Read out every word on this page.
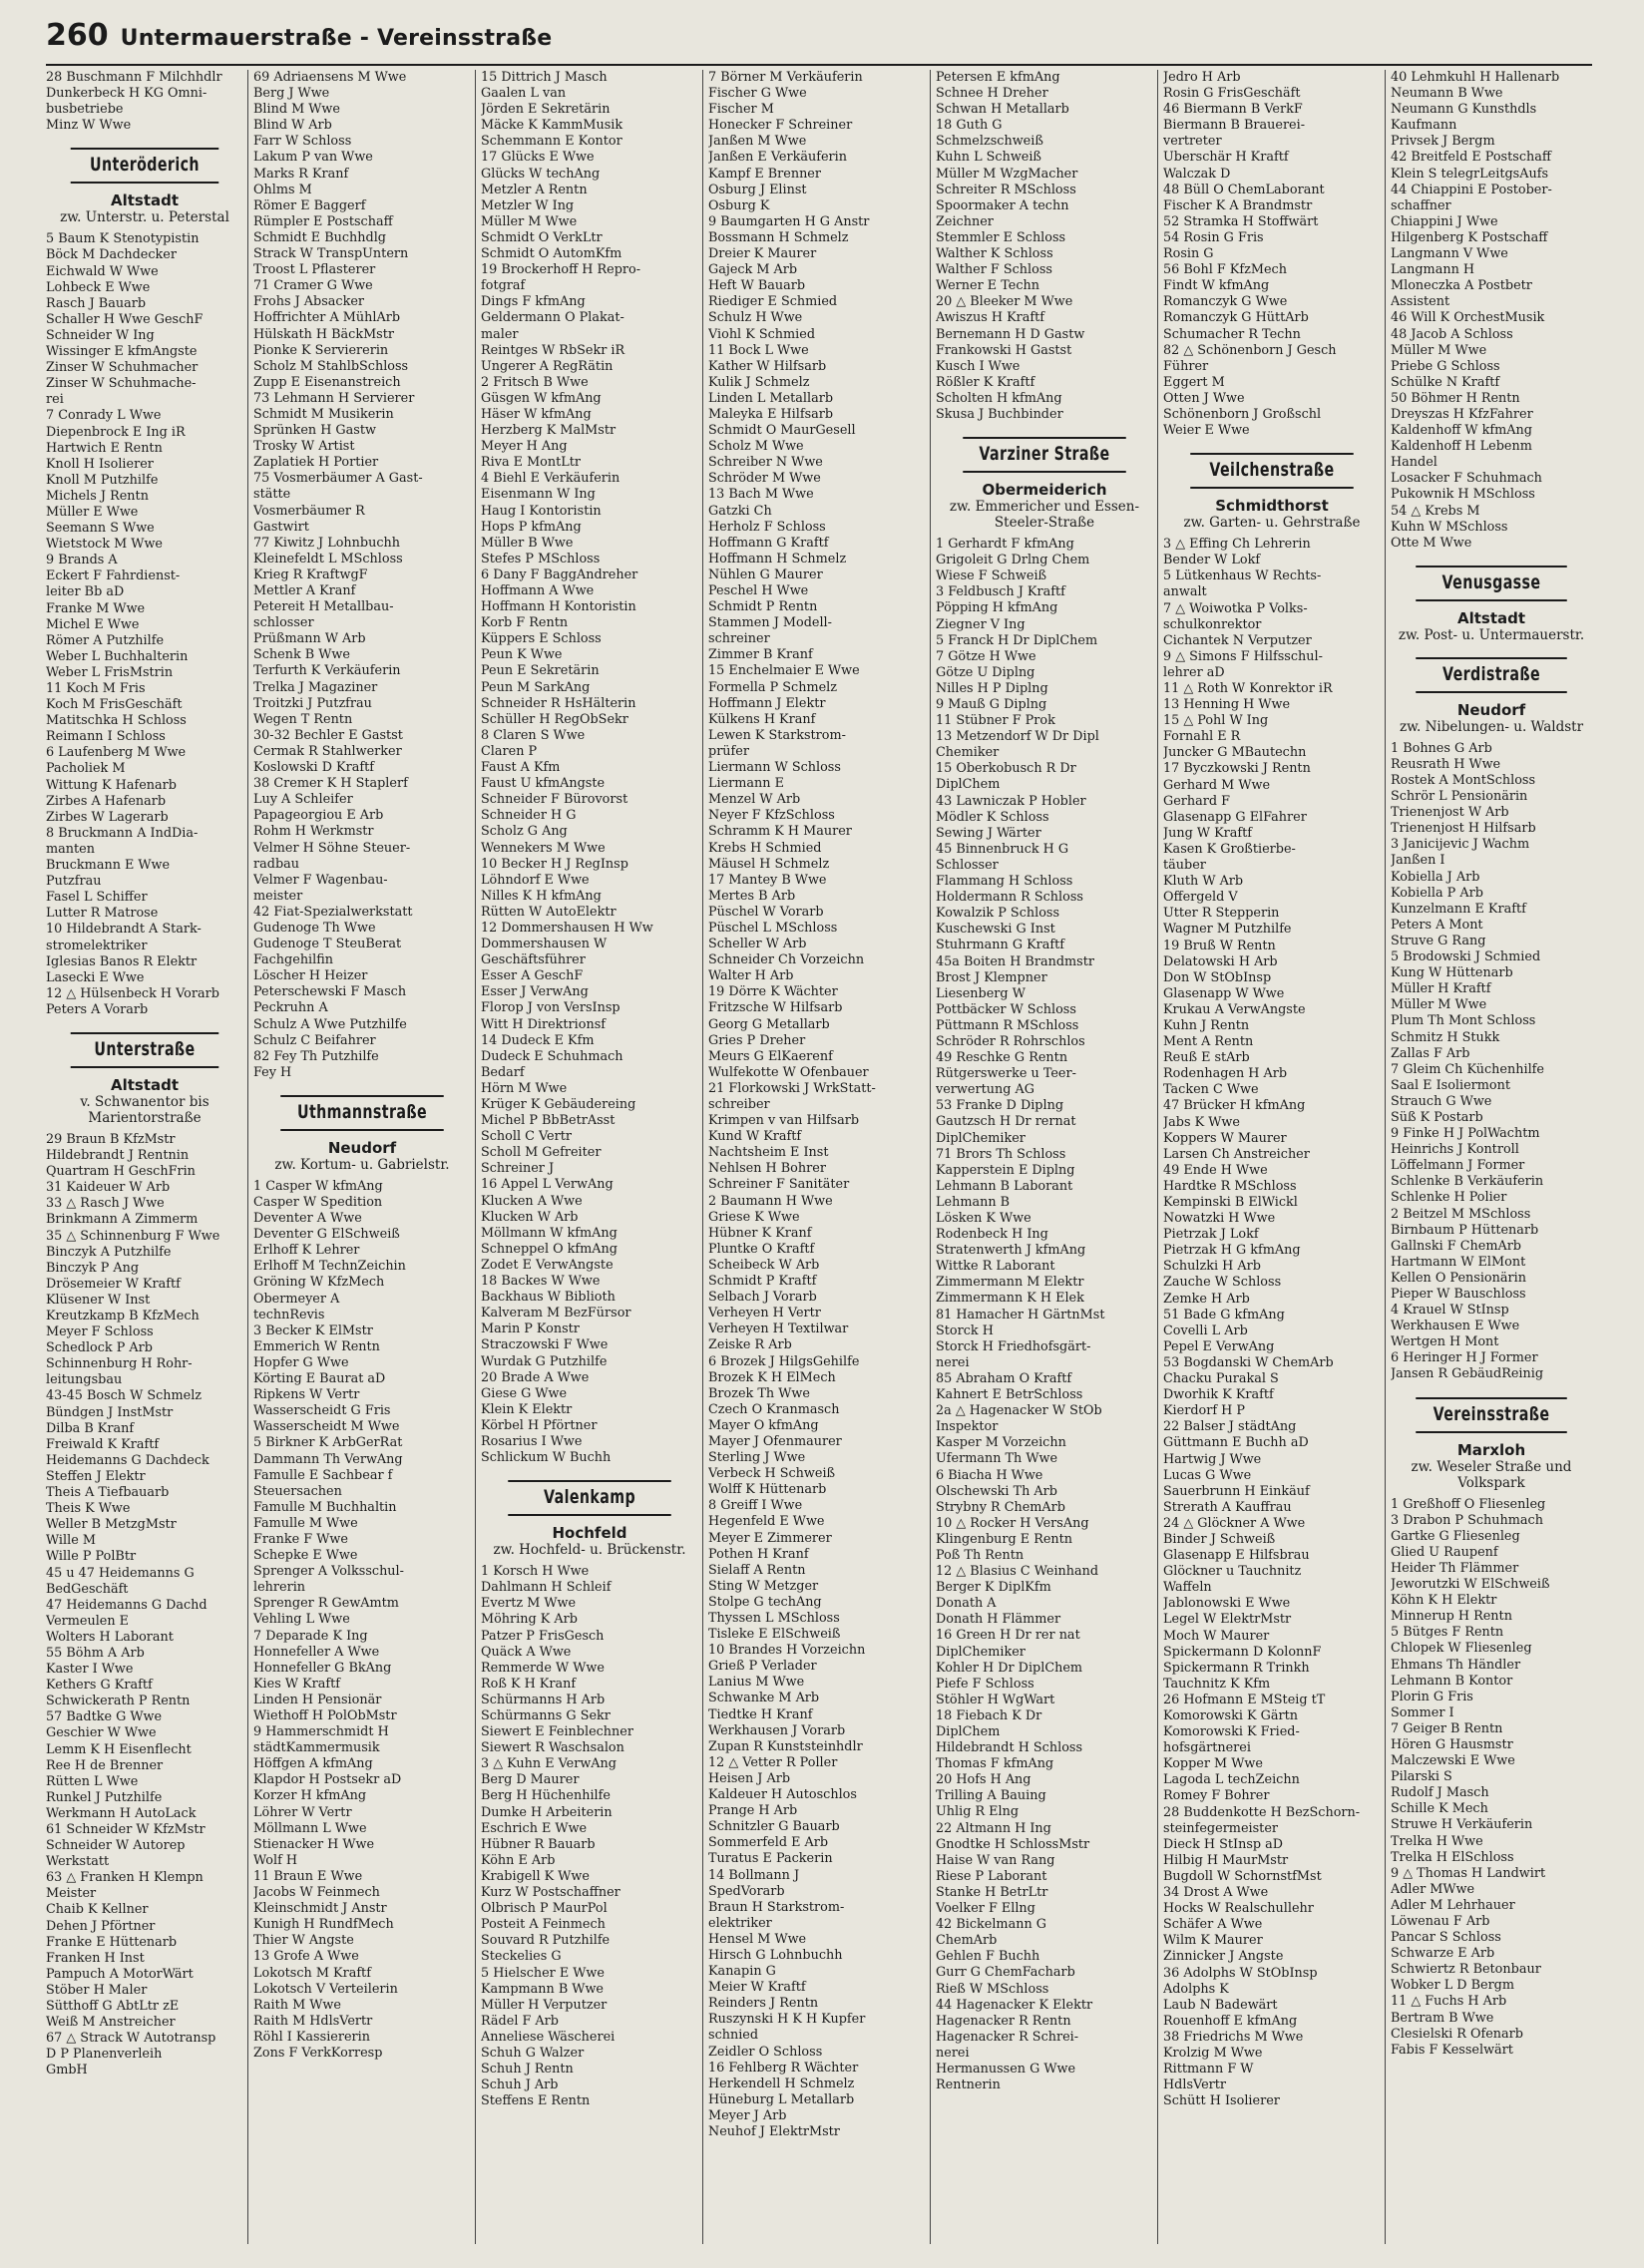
260 Untermauerstraße - Vereinsstraße
28 Buschmann F Milchhdlr
Dunkerbeck H KG Omni-
busbetriebe
Minz W Wwe
Unteröderich
Altstadt
zw. Unterstr. u. Peterstal
5 Baum K Stenotypistin
Böck M Dachdecker
Eichwald W Wwe
Lohbeck E Wwe
Rasch J Bauarb
Schaller H Wwe GeschF
Schneider W Ing
Wissinger E kfmAngste
Zinser W Schuhmacher
Zinser W Schuhmache-
rei
7 Conrady L Wwe
Diepenbrock E Ing iR
Hartwich E Rentn
Knoll H Isolierer
Knoll M Putzhilfe
Michels J Rentn
Müller E Wwe
Seemann S Wwe
Wietstock M Wwe
9 Brands A
Eckert F Fahrdienst-
leiter Bb aD
Franke M Wwe
Michel E Wwe
Römer A Putzhilfe
Weber L Buchhalterin
Weber L FrisMstrin
11 Koch M Fris
Koch M FrisGeschäft
Matitschka H Schloss
Reimann I Schloss
6 Laufenberg M Wwe
Pacholiek M
Wittung K Hafenarb
Zirbes A Hafenarb
Zirbes W Lagerarb
8 Bruckmann A IndDia-
manten
Bruckmann E Wwe
Putzfrau
Fasel L Schiffer
Lutter R Matrose
10 Hildebrandt A Stark-
stromelektriker
Iglesias Banos R Elektr
Lasecki E Wwe
12 △ Hülsenbeck H Vorarb
Peters A Vorarb
Unterstraße
Altstadt
v. Schwanentor bis Marientorstraße
29 Braun B KfzMstr
Hildebrandt J Rentnin
Quartram H GeschFrin
31 Kaideuer W Arb
33 △ Rasch J Wwe
Brinkmann A Zimmerm
35 △ Schinnenburg F Wwe
Binczyk A Putzhilfe
Binczyk P Ang
Drösemeier W Kraftf
Klüsener W Inst
Kreutzkamp B KfzMech
Meyer F Schloss
Schedlock P Arb
Schinnenburg H Rohr-
leitungsbau
43-45 Bosch W Schmelz
Bündgen J InstMstr
Dilba B Kranf
Freiwald K Kraftf
Heidemanns G Dachdeck
Steffen J Elektr
Theis A Tiefbauarb
Theis K Wwe
Weller B MetzgMstr
Wille M
Wille P PolBtr
45 u 47 Heidemanns G
BedGeschäft
47 Heidemanns G Dachd
Vermeulen E
Wolters H Laborant
55 Böhm A Arb
Kaster I Wwe
Kethers G Kraftf
Schwickerath P Rentn
57 Badtke G Wwe
Geschier W Wwe
Lemm K H Eisenflecht
Ree H de Brenner
Rütten L Wwe
Runkel J Putzhilfe
Werkmann H AutoLack
61 Schneider W KfzMstr
Schneider W Autorep
Werkstatt
63 △ Franken H Klempn
Meister
Chaib K Kellner
Dehen J Pförtner
Franke E Hüttenarb
Franken H Inst
Pampuch A MotorWärt
Stöber H Maler
Sütthoff G AbtLtr zE
Weiß M Anstreicher
67 △ Strack W Autotransp
D P Planenverleih
GmbH
69 Adriaensens M Wwe
Berg J Wwe
Blind M Wwe
Blind W Arb
Farr W Schloss
Lakum P van Wwe
Marks R Kranf
Ohlms M
Römer E Baggerf
Rümpler E Postschaff
Schmidt E Buchhdlg
Strack W TranspUntern
Troost L Pflasterer
71 Cramer G Wwe
Frohs J Absacker
Hoffrichter A MühlArb
Hülskath H BäckMstr
Pionke K Serviererin
Scholz M StahlbSchloss
Zupp E Eisenanstreich
73 Lehmann H Servierer
Schmidt M Musikerin
Sprünken H Gastw
Trosky W Artist
Zaplatiek H Portier
75 Vosmerbäumer A Gast-
stätte
Vosmerbäumer R
Gastwirt
77 Kiwitz J Lohnbuchh
Kleinefeldt L MSchloss
Krieg R KraftwgF
Mettler A Kranf
Petereit H Metallbau-
schlosser
Prüßmann W Arb
Schenk B Wwe
Terfurth K Verkäuferin
Trelka J Magaziner
Troitzki J Putzfrau
Wegen T Rentn
30-32 Bechler E Gastst
Cermak R Stahlwerker
Koslowski D Kraftf
38 Cremer K H Staplerf
Luy A Schleifer
Papageorgiou E Arb
Rohm H Werkmstr
Velmer H Söhne Steuer-
radbau
Velmer F Wagenbau-
meister
42 Fiat-Spezialwerkstatt
Gudenoge Th Wwe
Gudenoge T SteuBerat
Fachgehilfin
Löscher H Heizer
Peterschewski F Masch
Peckruhn A
Schulz A Wwe Putzhilfe
Schulz C Beifahrer
82 Fey Th Putzhilfe
Fey H
Uthmannstraße
Neudorf
zw. Kortum- u. Gabrielstr.
1 Casper W kfmAng
Casper W Spedition
Deventer A Wwe
Deventer G ElSchweiß
Erlhoff K Lehrer
Erlhoff M TechnZeichin
Gröning W KfzMech
Obermeyer A
technRevis
3 Becker K ElMstr
Emmerich W Rentn
Hopfer G Wwe
Körting E Baurat aD
Ripkens W Vertr
Wasserscheidt G Fris
Wasserscheidt M Wwe
5 Birkner K ArbGerRat
Dammann Th VerwAng
Famulle E Sachbear f
Steuersachen
Famulle M Buchhaltin
Famulle M Wwe
Franke F Wwe
Schepke E Wwe
Sprenger A Volksschul-
lehrerin
Sprenger R GewAmtm
Vehling L Wwe
7 Deparade K Ing
Honnefeller A Wwe
Honnefeller G BkAng
Kies W Kraftf
Linden H Pensionär
Wiethoff H PolObMstr
9 Hammerschmidt H
städtKammermusik
Höffgen A kfmAng
Klapdor H Postsekr aD
Korzer H kfmAng
Löhrer W Vertr
Möllmann L Wwe
Stienacker H Wwe
Wolf H
11 Braun E Wwe
Jacobs W Feinmech
Kleinschmidt J Anstr
Kunigh H RundfMech
Thier W Angste
13 Grofe A Wwe
Lokotsch M Kraftf
Lokotsch V Verteilerin
Raith M Wwe
Raith M HdlsVertr
Röhl I Kassiererin
Zons F VerkKorresp
15 Dittrich J Masch
Gaalen L van
Jörden E Sekretärin
Mäcke K KammMusik
Schemmann E Kontor
17 Glücks E Wwe
Glücks W techAng
Metzler A Rentn
Metzler W Ing
Müller M Wwe
Schmidt O VerkLtr
Schmidt O AutomKfm
19 Brockerhoff H Repro-
fotgraf
Dings F kfmAng
Geldermann O Plakat-
maler
Reintges W RbSekr iR
Ungerer A RegRätin
2 Fritsch B Wwe
Güsgen W kfmAng
Häser W kfmAng
Herzberg K MalMstr
Meyer H Ang
Riva E MontLtr
4 Biehl E Verkäuferin
Eisenmann W Ing
Haug I Kontoristin
Hops P kfmAng
Müller B Wwe
Stefes P MSchloss
6 Dany F BaggAndreher
Hoffmann A Wwe
Hoffmann H Kontoristin
Korb F Rentn
Küppers E Schloss
Peun K Wwe
Peun E Sekretärin
Peun M SarkAng
Schneider R HsHälterin
Schüller H RegObSekr
8 Claren S Wwe
Claren P
Faust A Kfm
Faust U kfmAngste
Schneider F Bürovorst
Schneider H G
Scholz G Ang
Wennekers M Wwe
10 Becker H J RegInsp
Löhndorf E Wwe
Nilles K H kfmAng
Rütten W AutoElektr
12 Dommershausen H Ww
Dommershausen W
Geschäftsführer
Esser A GeschF
Esser J VerwAng
Florop J von VersInsp
Witt H Direktrionsf
14 Dudeck E Kfm
Dudeck E Schuhmach
Bedarf
Hörn M Wwe
Krüger K Gebäudereing
Michel P BbBetrAsst
Scholl C Vertr
Scholl M Gefreiter
Schreiner J
16 Appel L VerwAng
Klucken A Wwe
Klucken W Arb
Möllmann W kfmAng
Schneppel O kfmAng
Zodet E VerwAngste
18 Backes W Wwe
Backhaus W Biblioth
Kalveram M BezFürsor
Marin P Konstr
Straczowski F Wwe
Wurdak G Putzhilfe
20 Brade A Wwe
Giese G Wwe
Klein K Elektr
Körbel H Pförtner
Rosarius I Wwe
Schlickum W Buchh
Valenkamp
Hochfeld
zw. Hochfeld- u. Brückenstr.
1 Korsch H Wwe
Dahlmann H Schleif
Evertz M Wwe
Möhring K Arb
Patzer P FrisGesch
Quäck A Wwe
Remmerde W Wwe
Roß K H Kranf
Schürmanns H Arb
Schürmanns G Sekr
Siewert E Feinblechner
Siewert R Waschsalon
3 △ Kuhn E VerwAng
Berg D Maurer
Berg H Hüchenhilfe
Dumke H Arbeiterin
Eschrich E Wwe
Hübner R Bauarb
Köhn E Arb
Krabigell K Wwe
Kurz W Postschaffner
Olbrisch P MaurPol
Posteit A Feinmech
Souvard R Putzhilfe
Steckelies G
5 Hielscher E Wwe
Kampmann B Wwe
Müller H Verputzer
Rädel F Arb
Anneliese Wäscherei
Schuh G Walzer
Schuh J Rentn
Schuh J Arb
Steffens E Rentn
7 Börner M Verkäuferin
Fischer G Wwe
Fischer M
Honecker F Schreiner
Janßen M Wwe
Janßen E Verkäuferin
Kampf E Brenner
Osburg J Elinst
Osburg K
9 Baumgarten H G Anstr
Bossmann H Schmelz
Dreier K Maurer
Gajeck M Arb
Heft W Bauarb
Riediger E Schmied
Schulz H Wwe
Viohl K Schmied
11 Bock L Wwe
Kather W Hilfsarb
Kulik J Schmelz
Linden L Metallarb
Maleyka E Hilfsarb
Schmidt O MaurGesell
Scholz M Wwe
Schreiber N Wwe
Schröder M Wwe
13 Bach M Wwe
Gatzki Ch
Herholz F Schloss
Hoffmann G Kraftf
Hoffmann H Schmelz
Nühlen G Maurer
Peschel H Wwe
Schmidt P Rentn
Stammen J Modell-
schreiner
Zimmer B Kranf
15 Enchelmaier E Wwe
Formella P Schmelz
Hoffmann J Elektr
Külkens H Kranf
Lewen K Starkstrom-
prüfer
Liermann W Schloss
Liermann E
Menzel W Arb
Neyer F KfzSchloss
Schramm K H Maurer
Krebs H Schmied
Mäusel H Schmelz
17 Mantey B Wwe
Mertes B Arb
Püschel W Vorarb
Püschel L MSchloss
Scheller W Arb
Schneider Ch Vorzeichn
Walter H Arb
19 Dörre K Wächter
Fritzsche W Hilfsarb
Georg G Metallarb
Gries P Dreher
Meurs G ElKaerenf
Wulfekotte W Ofenbauer
21 Florkowski J WrkStatt-
schreiber
Krimpen v van Hilfsarb
Kund W Kraftf
Nachtsheim E Inst
Nehlsen H Bohrer
Schreiner F Sanitäter
2 Baumann H Wwe
Griese K Wwe
Hübner K Kranf
Pluntke O Kraftf
Scheibeck W Arb
Schmidt P Kraftf
Selbach J Vorarb
Verheyen H Vertr
Verheyen H Textilwar
Zeiske R Arb
6 Brozek J HilgsGehilfe
Brozek K H ElMech
Brozek Th Wwe
Czech O Kranmasch
Mayer O kfmAng
Mayer J Ofenmaurer
Sterling J Wwe
Verbeck H Schweiß
Wolff K Hüttenarb
8 Greiff I Wwe
Hegenfeld E Wwe
Meyer E Zimmerer
Pothen H Kranf
Sielaff A Rentn
Sting W Metzger
Stolpe G techAng
Thyssen L MSchloss
Tisleke E ElSchweiß
10 Brandes H Vorzeichn
Grieß P Verlader
Lanius M Wwe
Schwanke M Arb
Tiedtke H Kranf
Werkhausen J Vorarb
Zupan R Kunststeinhdlr
12 △ Vetter R Poller
Heisen J Arb
Kaldeuer H Autoschlos
Prange H Arb
Schnitzler G Bauarb
Sommerfeld E Arb
Turatus E Packerin
14 Bollmann J
SpedVorarb
Braun H Starkstrom-
elektriker
Hensel M Wwe
Hirsch G Lohnbuchh
Kanapin G
Meier W Kraftf
Reinders J Rentn
Ruszynski H K H Kupfer
schnied
Zeidler O Schloss
16 Fehlberg R Wächter
Herkendell H Schmelz
Hüneburg L Metallarb
Meyer J Arb
Neuhof J ElektrMstr
Petersen E kfmAng
Schnee H Dreher
Schwan H Metallarb
18 Guth G
Schmelzschweiß
Kuhn L Schweiß
Müller M WzgMacher
Schreiter R MSchloss
Spoormaker A techn
Zeichner
Stemmler E Schloss
Walther K Schloss
Walther F Schloss
Werner E Techn
20 △ Bleeker M Wwe
Awiszus H Kraftf
Bernemann H D Gastw
Frankowski H Gastst
Kusch I Wwe
Rößler K Kraftf
Scholten H kfmAng
Skusa J Buchbinder
Varziner Straße
Obermeiderich
zw. Emmericher und Essen-Steeler-Straße
1 Gerhardt F kfmAng
Grigoleit G Drlng Chem
Wiese F Schweiß
3 Feldbusch J Kraftf
Pöpping H kfmAng
Ziegner V Ing
5 Franck H Dr DiplChem
7 Götze H Wwe
Götze U Diplng
Nilles H P Diplng
9 Mauß G Diplng
11 Stübner F Prok
13 Metzendorf W Dr Dipl
Chemiker
15 Oberkobusch R Dr
DiplChem
43 Lawniczak P Hobler
Mödler K Schloss
Sewing J Wärter
45 Binnenbruck H G
Schlosser
Flammang H Schloss
Holdermann R Schloss
Kowalzik P Schloss
Kuschewski G Inst
Stuhrmann G Kraftf
45a Boiten H Brandmstr
Brost J Klempner
Liesenberg W
Pottbäcker W Schloss
Püttmann R MSchloss
Schröder R Rohrschlos
49 Reschke G Rentn
Rütgerswerke u Teer-
verwertung AG
53 Franke D Diplng
Gautzsch H Dr rernat
DiplChemiker
71 Brors Th Schloss
Kapperstein E Diplng
Lehmann B Laborant
Lehmann B
Lösken K Wwe
Rodenbeck H Ing
Stratenwerth J kfmAng
Wittke R Laborant
Zimmermann M Elektr
Zimmermann K H Elek
81 Hamacher H GärtnMst
Storck H
Storck H Friedhofsgärt-
nerei
85 Abraham O Kraftf
Kahnert E BetrSchloss
2a △ Hagenacker W StOb
Inspektor
Kasper M Vorzeichn
Ufermann Th Wwe
6 Biacha H Wwe
Olschewski Th Arb
Strybny R ChemArb
10 △ Rocker H VersAng
Klingenburg E Rentn
Poß Th Rentn
12 △ Blasius C Weinhand
Berger K DiplKfm
Donath A
Donath H Flämmer
16 Green H Dr rer nat
DiplChemiker
Kohler H Dr DiplChem
Piefe F Schloss
Stöhler H WgWart
18 Fiebach K Dr
DiplChem
Hildebrandt H Schloss
Thomas F kfmAng
20 Hofs H Ang
Trilling A Bauing
Uhlig R Elng
22 Altmann H Ing
Gnodtke H SchlossMstr
Haise W van Rang
Riese P Laborant
Stanke H BetrLtr
Voelker F Ellng
42 Bickelmann G
ChemArb
Gehlen F Buchh
Gurr G ChemFacharb
Rieß W MSchloss
44 Hagenacker K Elektr
Hagenacker R Rentn
Hagenacker R Schrei-
nerei
Hermanussen G Wwe
Rentnerin
Jedro H Arb
Rosin G FrisGeschäft
46 Biermann B VerkF
Biermann B Brauerei-
vertreter
Überschär H Kraftf
Walczak D
48 Büll O ChemLaborant
Fischer K A Brandmstr
52 Stramka H Stoffwärt
54 Rosin G Fris
Rosin G
56 Bohl F KfzMech
Findt W kfmAng
Romanczyk G Wwe
Romanczyk G HüttArb
Schumacher R Techn
82 △ Schönenborn J Gesch
Führer
Eggert M
Otten J Wwe
Schönenborn J Großschl
Weier E Wwe
Veilchenstraße
Schmidthorst
zw. Garten- u. Gehrstraße
3 △ Effing Ch Lehrerin
Bender W Lokf
5 Lütkenhaus W Rechts-
anwalt
7 △ Woiwotka P Volks-
schulkonrektor
Cichantek N Verputzer
9 △ Simons F Hilfsschul-
lehrer aD
11 △ Roth W Konrektor iR
13 Henning H Wwe
15 △ Pohl W Ing
Fornahl E R
Juncker G MBautechn
17 Byczkowski J Rentn
Gerhard M Wwe
Gerhard F
Glasenapp G ElFahrer
Jung W Kraftf
Kasen K Großtierbe-
täuber
Kluth W Arb
Offergeld V
Utter R Stepperin
Wagner M Putzhilfe
19 Bruß W Rentn
Delatowski H Arb
Don W StObInsp
Glasenapp W Wwe
Krukau A VerwAngste
Kuhn J Rentn
Ment A Rentn
Reuß E stArb
Rodenhagen H Arb
Tacken C Wwe
47 Brücker H kfmAng
Jabs K Wwe
Koppers W Maurer
Larsen Ch Anstreicher
49 Ende H Wwe
Hardtke R MSchloss
Kempinski B ElWickl
Nowatzki H Wwe
Pietrzak J Lokf
Pietrzak H G kfmAng
Schulzki H Arb
Zauche W Schloss
Zemke H Arb
51 Bade G kfmAng
Covelli L Arb
Pepel E VerwAng
53 Bogdanski W ChemArb
Chacku Purakal S
Dworhik K Kraftf
Kierdorf H P
22 Balser J städtAng
Güttmann E Buchh aD
Hartwig J Wwe
Lucas G Wwe
Sauerbrunn H Einkäuf
Strerath A Kauffrau
24 △ Glöckner A Wwe
Binder J Schweiß
Glasenapp E Hilfsbrau
Glöckner u Tauchnitz
Waffeln
Jablonowski E Wwe
Legel W ElektrMstr
Moch W Maurer
Spickermann D KolonnF
Spickermann R Trinkh
Tauchnitz K Kfm
26 Hofmann E MSteig tT
Komorowski K Gärtn
Komorowski K Fried-
hofsgärtnerei
Kopper M Wwe
Lagoda L techZeichn
Romey F Bohrer
28 Buddenkotte H BezSchorn-
steinfegermeister
Dieck H StInsp aD
Hilbig H MaurMstr
Bugdoll W SchornstfMst
34 Drost A Wwe
Hocks W Realschullehr
Schäfer A Wwe
Wilm K Maurer
Zinnicker J Angste
36 Adolphs W StObInsp
Adolphs K
Laub N Badewärt
Rouenhoff E kfmAng
38 Friedrichs M Wwe
Krolzig M Wwe
Rittmann F W
HdlsVertr
Schütt H Isolierer
40 Lehmkuhl H Hallenarb
Neumann B Wwe
Neumann G Kunsthdls
Kaufmann
Privsek J Bergm
42 Breitfeld E Postschaff
Klein S telegrLeitgsAufs
44 Chiappini E Postober-
schaffner
Chiappini J Wwe
Hilgenberg K Postschaff
Langmann V Wwe
Langmann H
Mloneczka A Postbetr
Assistent
46 Will K OrchestMusik
48 Jacob A Schloss
Müller M Wwe
Priebe G Schloss
Schülke N Kraftf
50 Böhmer H Rentn
Dreyszas H KfzFahrer
Kaldenhoff W kfmAng
Kaldenhoff H Lebenm
Handel
Losacker F Schuhmach
Pukownik H MSchloss
54 △ Krebs M
Kuhn W MSchloss
Otte M Wwe
Venusgasse
Altstadt
zw. Post- u. Untermauerstr.
Verdistraße
Neudorf
zw. Nibelungen- u. Waldstr
1 Bohnes G Arb
Reusrath H Wwe
Rostek A MontSchloss
Schrör L Pensionärin
Trienenjost W Arb
Trienenjost H Hilfsarb
3 Janicijevic J Wachm
Janßen I
Kobiella J Arb
Kobiella P Arb
Kunzelmann E Kraftf
Peters A Mont
Struve G Rang
5 Brodowski J Schmied
Kung W Hüttenarb
Müller H Kraftf
Müller M Wwe
Plum Th Mont Schloss
Schmitz H Stukk
Zallas F Arb
7 Gleim Ch Küchenhilfe
Saal E Isoliermont
Strauch G Wwe
Süß K Postarb
9 Finke H J PolWachtm
Heinrichs J Kontroll
Löffelmann J Former
Schlenke B Verkäuferin
Schlenke H Polier
2 Beitzel M MSchloss
Birnbaum P Hüttenarb
Gallnski F ChemArb
Hartmann W ElMont
Kellen O Pensionärin
Pieper W Bauschloss
4 Krauel W StInsp
Werkhausen E Wwe
Wertgen H Mont
6 Heringer H J Former
Jansen R GebäudReinig
Vereinsstraße
Marxloh
zw. Weseler Straße und Volkspark
1 Greßhoff O Fliesenleg
3 Drabon P Schuhmach
Gartke G Fliesenleg
Glied U Raupenf
Heider Th Flämmer
Jeworutzki W ElSchweiß
Köhn K H Elektr
Minnerup H Rentn
5 Bütges F Rentn
Chlopek W Fliesenleg
Ehmans Th Händler
Lehmann B Kontor
Plorin G Fris
Sommer I
7 Geiger B Rentn
Hören G Hausmstr
Malczewski E Wwe
Pilarski S
Rudolf J Masch
Schille K Mech
Struwe H Verkäuferin
Trelka H Wwe
Trelka H ElSchloss
9 △ Thomas H Landwirt
Adler MWwe
Adler M Lehrhauer
Löwenau F Arb
Pancar S Schloss
Schwarze E Arb
Schwiertz R Betonbaur
Wobker L D Bergm
11 △ Fuchs H Arb
Bertram B Wwe
Clesielski R Ofenarb
Fabis F Kesselwärt
